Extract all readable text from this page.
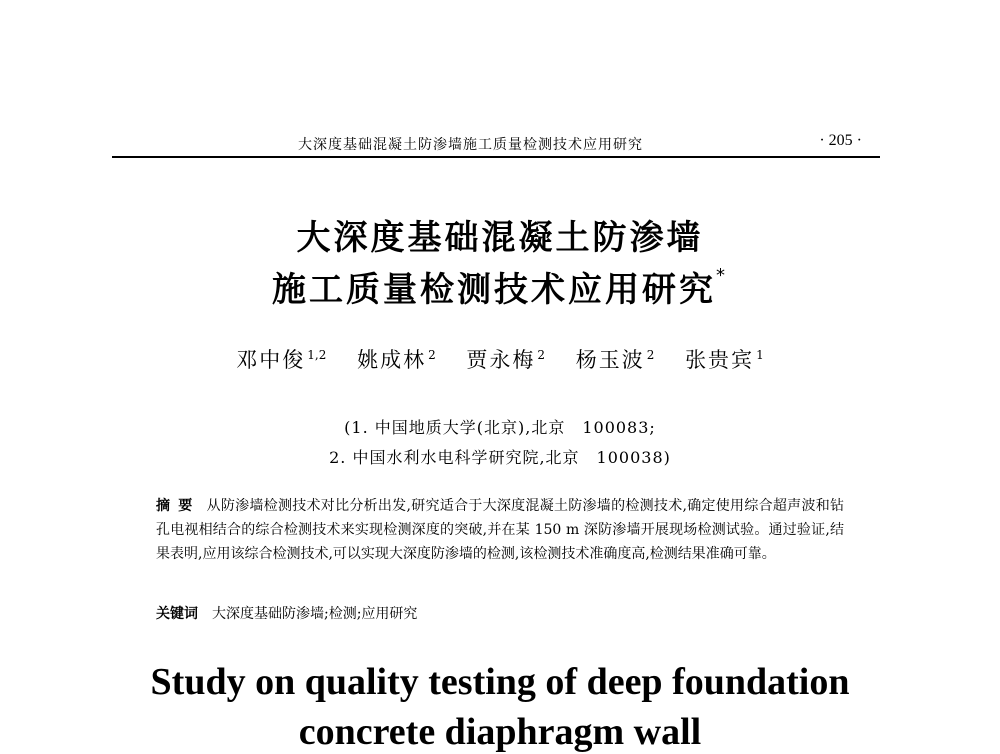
大深度基础混凝土防渗墙施工质量检测技术应用研究	· 205 ·
大深度基础混凝土防渗墙
施工质量检测技术应用研究*
邓中俊 $^{1,2}$ 姚成林 $^2$ 贾永梅 $^2$ 杨玉波 $^2$ 张贵宾 $^1$
(1. 中国地质大学(北京),北京　100083;
2. 中国水利水电科学研究院,北京　100038)
摘要 从防渗墙检测技术对比分析出发,研究适合于大深度混凝土防渗墙的检测技术,确定使用综合超声波和钻孔电视相结合的综合检测技术来实现检测深度的突破,并在某 150 m 深防渗墙开展现场检测试验。通过验证,结果表明,应用该综合检测技术,可以实现大深度防渗墙的检测,该检测技术准确度高,检测结果准确可靠。
关键词 大深度基础防渗墙;检测;应用研究
Study on quality testing of deep foundation
concrete diaphragm wall
